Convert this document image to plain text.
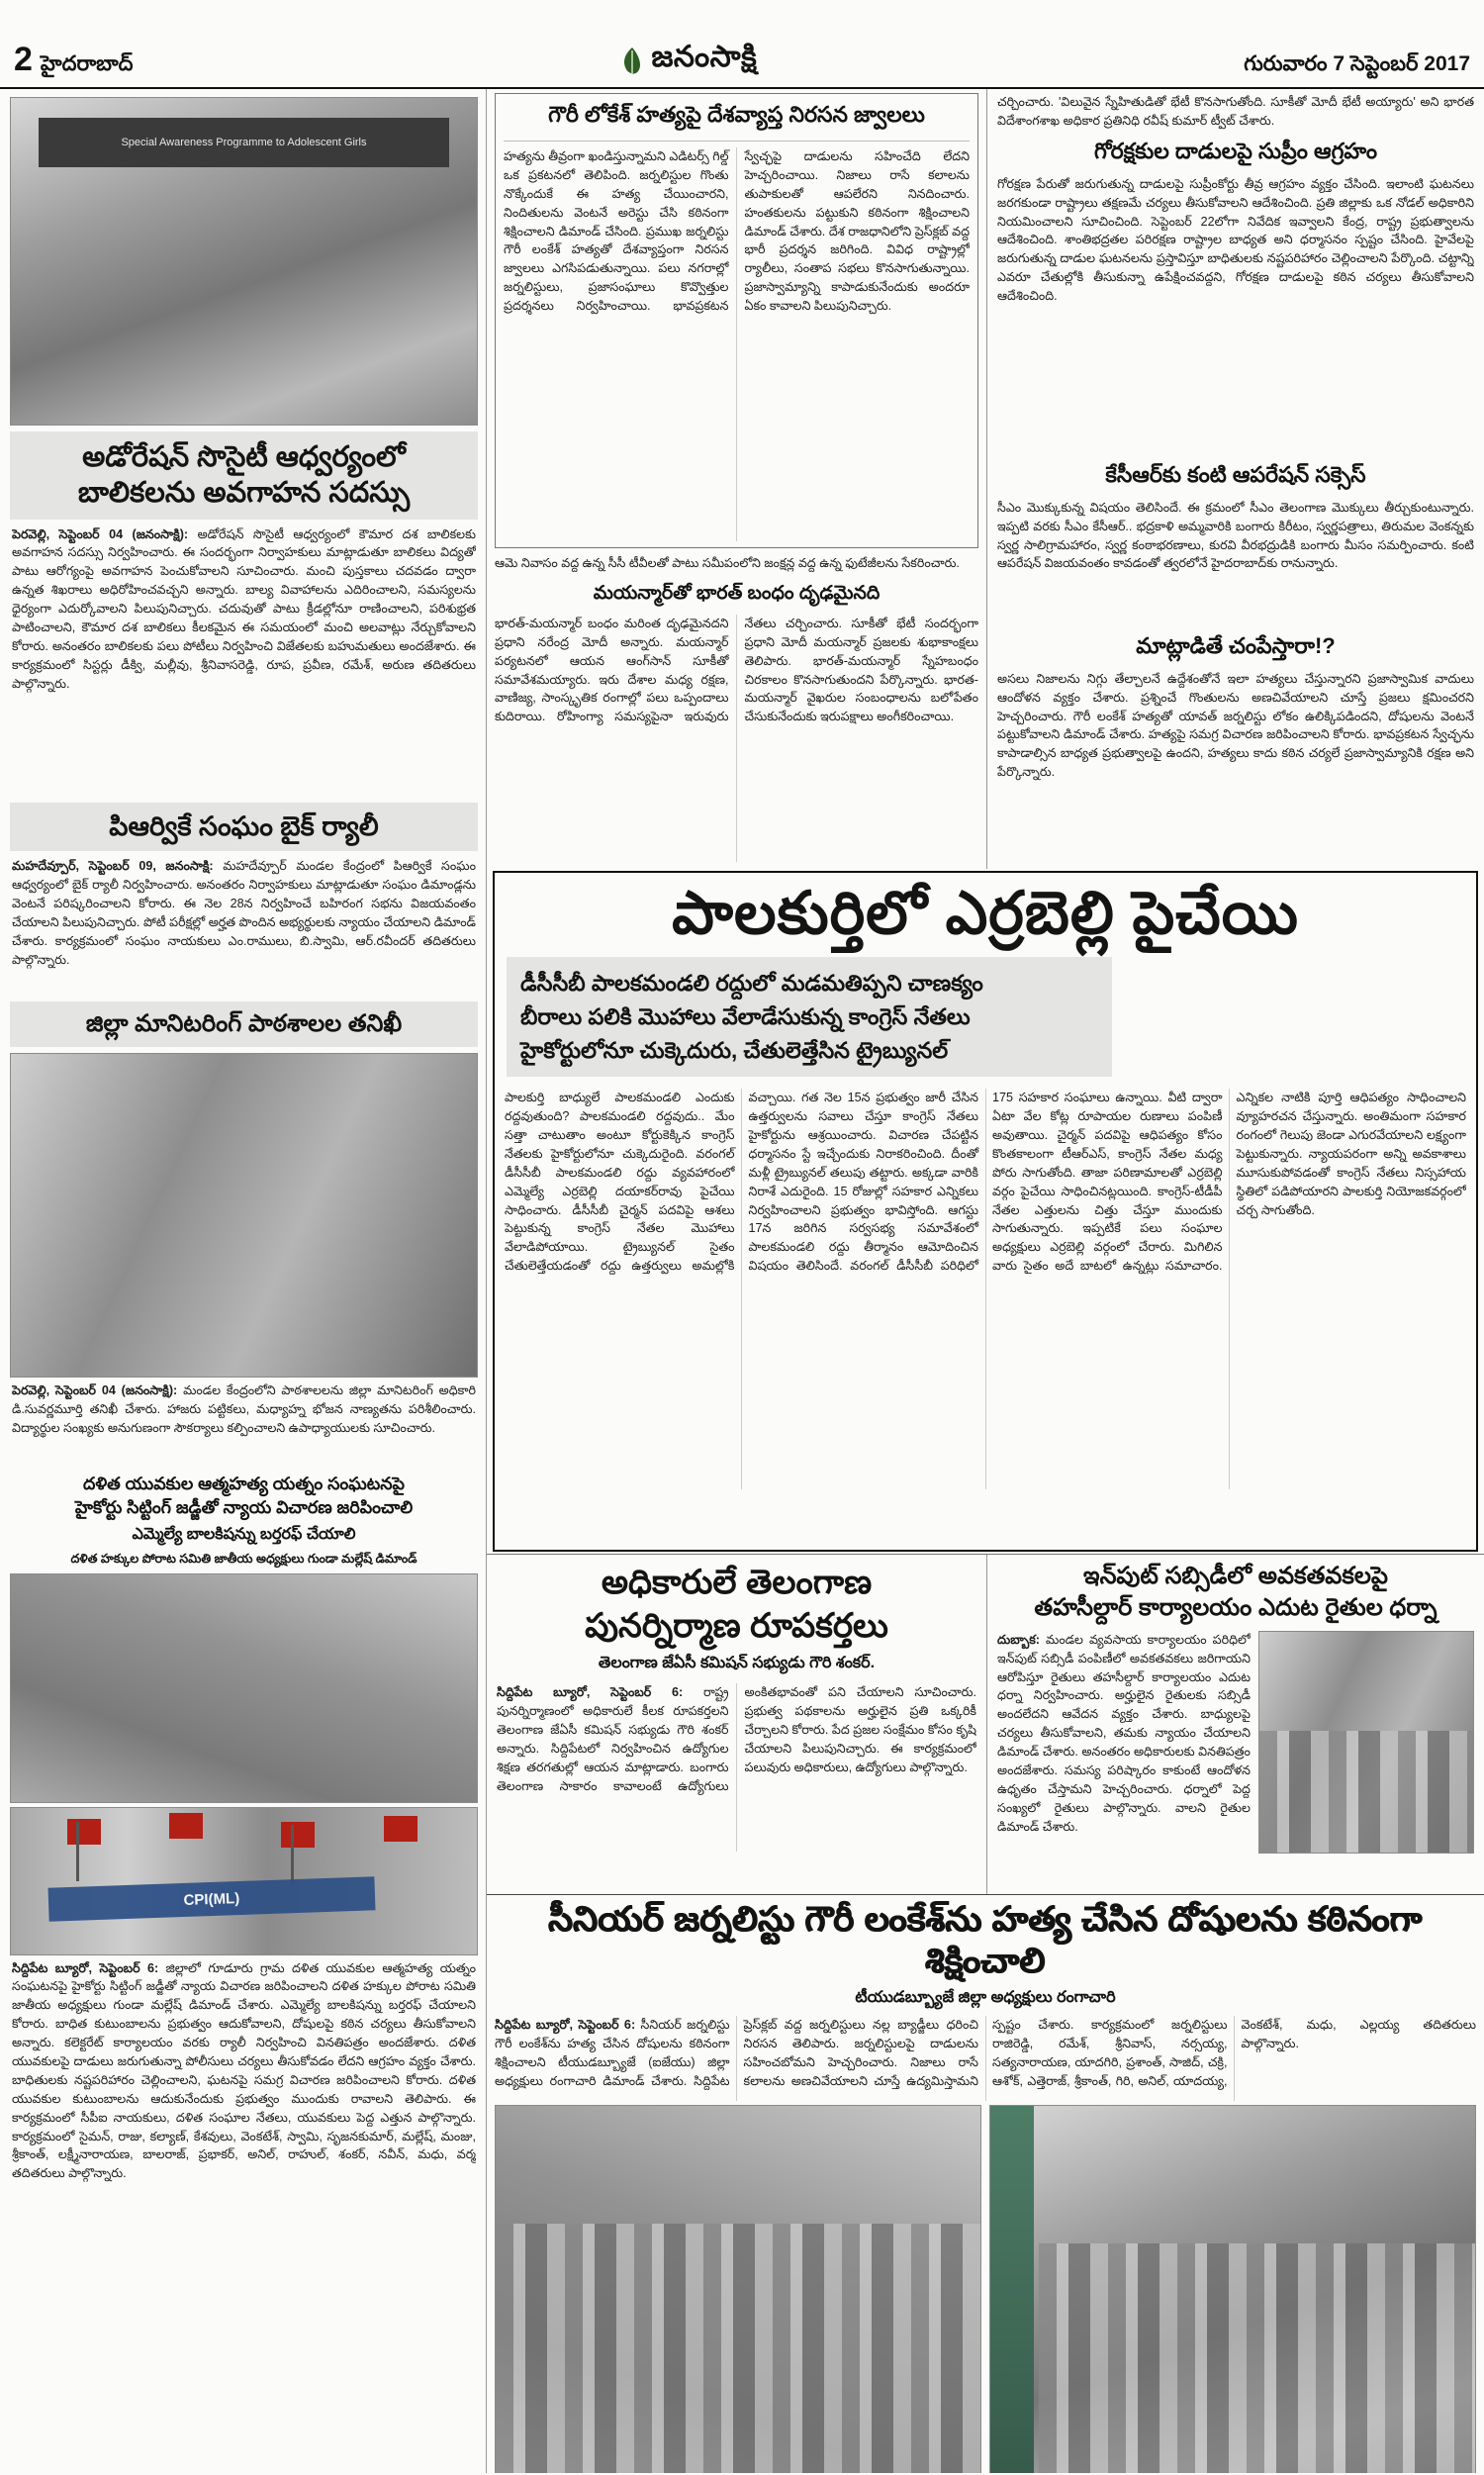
2 హైదరాబాద్	జనంసాక్షి	గురువారం 7 సెప్టెంబర్ 2017
Special Awareness Programme to Adolescent Girls
అడోరేషన్ సొసైటీ ఆధ్వర్యంలో
బాలికలను అవగాహన సదస్సు

పెరవెల్లి, సెప్టెంబర్ 04 (జనంసాక్షి): అడోరేషన్ సొసైటీ ఆధ్వర్యంలో కౌమార దశ బాలికలకు అవగాహన సదస్సు నిర్వహించారు. ఈ సందర్భంగా నిర్వాహకులు మాట్లాడుతూ బాలికలు విద్యతో పాటు ఆరోగ్యంపై అవగాహన పెంచుకోవాలని సూచించారు. మంచి పుస్తకాలు చదవడం ద్వారా ఉన్నత శిఖరాలు అధిరోహించవచ్చని అన్నారు. బాల్య వివాహాలను ఎదిరించాలని, సమస్యలను ధైర్యంగా ఎదుర్కోవాలని పిలుపునిచ్చారు. చదువుతో పాటు క్రీడల్లోనూ రాణించాలని, పరిశుభ్రత పాటించాలని, కౌమార దశ బాలికలు కీలకమైన ఈ సమయంలో మంచి అలవాట్లు నేర్చుకోవాలని కోరారు. అనంతరం బాలికలకు పలు పోటీలు నిర్వహించి విజేతలకు బహుమతులు అందజేశారు. ఈ కార్యక్రమంలో సిస్టర్లు డీక్వి, మల్లీవు, శ్రీనివాసరెడ్డి, రూప, ప్రవీణ, రమేశ్, అరుణ తదితరులు పాల్గొన్నారు.

పిఆర్వికే సంఘం బైక్ ర్యాలీ

మహదేవ్పూర్, సెప్టెంబర్ 09, జనంసాక్షి: మహదేవ్పూర్ మండల కేంద్రంలో పిఆర్వికే సంఘం ఆధ్వర్యంలో బైక్ ర్యాలీ నిర్వహించారు. అనంతరం నిర్వాహకులు మాట్లాడుతూ సంఘం డిమాండ్లను వెంటనే పరిష్కరించాలని కోరారు. ఈ నెల 28న నిర్వహించే బహిరంగ సభను విజయవంతం చేయాలని పిలుపునిచ్చారు. పోటీ పరీక్షల్లో అర్హత పొందిన అభ్యర్థులకు న్యాయం చేయాలని డిమాండ్ చేశారు. కార్యక్రమంలో సంఘం నాయకులు ఎం.రాములు, బి.స్వామి, ఆర్.రవీందర్ తదితరులు పాల్గొన్నారు.

జిల్లా మానిటరింగ్ పాఠశాలల తనిఖీ

పెరవెల్లి, సెప్టెంబర్ 04 (జనంసాక్షి): మండల కేంద్రంలోని పాఠశాలలను జిల్లా మానిటరింగ్ అధికారి డి.సువర్ణమూర్తి తనిఖీ చేశారు. హాజరు పట్టికలు, మధ్యాహ్న భోజన నాణ్యతను పరిశీలించారు. విద్యార్థుల సంఖ్యకు అనుగుణంగా సౌకర్యాలు కల్పించాలని ఉపాధ్యాయులకు సూచించారు.

దళిత యువకుల ఆత్మహత్య యత్నం సంఘటనపై
హైకోర్టు సిట్టింగ్ జడ్జీతో న్యాయ విచారణ జరిపించాలి
ఎమ్మెల్యే బాలకిషన్ను బర్తరఫ్ చేయాలి
దళిత హక్కుల పోరాట సమితి జాతీయ అధ్యక్షులు గుండా మల్లేష్ డిమాండ్
CPI(ML)

సిద్దిపేట బ్యూరో, సెప్టెంబర్ 6: జిల్లాలో గూడూరు గ్రామ దళిత యువకుల ఆత్మహత్య యత్నం సంఘటనపై హైకోర్టు సిట్టింగ్ జడ్జీతో న్యాయ విచారణ జరిపించాలని దళిత హక్కుల పోరాట సమితి జాతీయ అధ్యక్షులు గుండా మల్లేష్ డిమాండ్ చేశారు. ఎమ్మెల్యే బాలకిషన్ను బర్తరఫ్ చేయాలని కోరారు. బాధిత కుటుంబాలను ప్రభుత్వం ఆదుకోవాలని, దోషులపై కఠిన చర్యలు తీసుకోవాలని అన్నారు. కలెక్టరేట్ కార్యాలయం వరకు ర్యాలీ నిర్వహించి వినతిపత్రం అందజేశారు. దళిత యువకులపై దాడులు జరుగుతున్నా పోలీసులు చర్యలు తీసుకోవడం లేదని ఆగ్రహం వ్యక్తం చేశారు. బాధితులకు నష్టపరిహారం చెల్లించాలని, ఘటనపై సమగ్ర విచారణ జరిపించాలని కోరారు. దళిత యువకుల కుటుంబాలను ఆదుకునేందుకు ప్రభుత్వం ముందుకు రావాలని తెలిపారు. ఈ కార్యక్రమంలో సీపీఐ నాయకులు, దళిత సంఘాల నేతలు, యువకులు పెద్ద ఎత్తున పాల్గొన్నారు. కార్యక్రమంలో సైమన్, రాజు, కల్యాణ్, కేశవులు, వెంకటేశ్, స్వామి, సృజనకుమార్, మల్లేష్, మంజు, శ్రీకాంత్, లక్ష్మీనారాయణ, బాలరాజ్, ప్రభాకర్, అనిల్, రాహుల్, శంకర్, నవీన్, మధు, వర్మ తదితరులు పాల్గొన్నారు.

గౌరీ లోకేశ్ హత్యపై దేశవ్యాప్త నిరసన జ్వాలలు
హత్యను తీవ్రంగా ఖండిస్తున్నామని ఎడిటర్స్ గిల్డ్ ఒక ప్రకటనలో తెలిపింది. జర్నలిస్టుల గొంతు నొక్కేందుకే ఈ హత్య చేయించారని, నిందితులను వెంటనే అరెస్టు చేసి కఠినంగా శిక్షించాలని డిమాండ్ చేసింది. ప్రముఖ జర్నలిస్టు గౌరీ లంకేశ్ హత్యతో దేశవ్యాప్తంగా నిరసన జ్వాలలు ఎగసిపడుతున్నాయి. పలు నగరాల్లో జర్నలిస్టులు, ప్రజాసంఘాలు కొవ్వొత్తుల ప్రదర్శనలు నిర్వహించాయి. భావప్రకటన స్వేచ్ఛపై దాడులను సహించేది లేదని హెచ్చరించాయి. నిజాలు రాసే కలాలను తుపాకులతో ఆపలేరని నినదించారు. హంతకులను పట్టుకుని కఠినంగా శిక్షించాలని డిమాండ్ చేశారు. దేశ రాజధానిలోని ప్రెస్‌క్లబ్ వద్ద భారీ ప్రదర్శన జరిగింది. వివిధ రాష్ట్రాల్లో ర్యాలీలు, సంతాప సభలు కొనసాగుతున్నాయి. ప్రజాస్వామ్యాన్ని కాపాడుకునేందుకు అందరూ ఏకం కావాలని పిలుపునిచ్చారు.

ఆమె నివాసం వద్ద ఉన్న సీసీ టీవీలతో పాటు సమీపంలోని జంక్షన్ల వద్ద ఉన్న ఫుటేజీలను సేకరించారు.

మయన్మార్‌తో భారత్ బంధం దృఢమైనది
భారత్-మయన్మార్ బంధం మరింత దృఢమైనదని ప్రధాని నరేంద్ర మోదీ అన్నారు. మయన్మార్ పర్యటనలో ఆయన ఆంగ్‌సాన్ సూకీతో సమావేశమయ్యారు. ఇరు దేశాల మధ్య రక్షణ, వాణిజ్య, సాంస్కృతిక రంగాల్లో పలు ఒప్పందాలు కుదిరాయి. రోహింగ్యా సమస్యపైనా ఇరువురు నేతలు చర్చించారు. సూకీతో భేటీ సందర్భంగా ప్రధాని మోదీ మయన్మార్ ప్రజలకు శుభాకాంక్షలు తెలిపారు. భారత్-మయన్మార్ స్నేహబంధం చిరకాలం కొనసాగుతుందని పేర్కొన్నారు. భారత-మయన్మార్ వైఖరుల సంబంధాలను బలోపేతం చేసుకునేందుకు ఇరుపక్షాలు అంగీకరించాయి.

చర్చించారు. 'విలువైన స్నేహితుడితో భేటీ కొనసాగుతోంది. సూకీతో మోదీ భేటీ అయ్యారు' అని భారత విదేశాంగశాఖ అధికార ప్రతినిధి రవీష్ కుమార్ ట్వీట్ చేశారు.

గోరక్షకుల దాడులపై సుప్రీం ఆగ్రహం
గోరక్షణ పేరుతో జరుగుతున్న దాడులపై సుప్రీంకోర్టు తీవ్ర ఆగ్రహం వ్యక్తం చేసింది. ఇలాంటి ఘటనలు జరగకుండా రాష్ట్రాలు తక్షణమే చర్యలు తీసుకోవాలని ఆదేశించింది. ప్రతి జిల్లాకు ఒక నోడల్ అధికారిని నియమించాలని సూచించింది. సెప్టెంబర్ 22లోగా నివేదిక ఇవ్వాలని కేంద్ర, రాష్ట్ర ప్రభుత్వాలను ఆదేశించింది. శాంతిభద్రతల పరిరక్షణ రాష్ట్రాల బాధ్యత అని ధర్మాసనం స్పష్టం చేసింది. హైవేలపై జరుగుతున్న దాడుల ఘటనలను ప్రస్తావిస్తూ బాధితులకు నష్టపరిహారం చెల్లించాలని పేర్కొంది. చట్టాన్ని ఎవరూ చేతుల్లోకి తీసుకున్నా ఉపేక్షించవద్దని, గోరక్షణ దాడులపై కఠిన చర్యలు తీసుకోవాలని ఆదేశించింది.
కేసీఆర్‌కు కంటి ఆపరేషన్ సక్సెస్
సీఎం మొక్కుకున్న విషయం తెలిసిందే. ఈ క్రమంలో సీఎం తెలంగాణ మొక్కులు తీర్చుకుంటున్నారు. ఇప్పటి వరకు సీఎం కేసీఆర్.. భద్రకాళి అమ్మవారికి బంగారు కిరీటం, స్వర్ణపత్రాలు, తిరుమల వెంకన్నకు స్వర్ణ సాలిగ్రామహారం, స్వర్ణ కంఠాభరణాలు, కురవి వీరభద్రుడికి బంగారు మీసం సమర్పించారు. కంటి ఆపరేషన్ విజయవంతం కావడంతో త్వరలోనే హైదరాబాద్‌కు రానున్నారు.
మాట్లాడితే చంపేస్తారా!?
అసలు నిజాలను నిగ్గు తేల్చాలనే ఉద్దేశంతోనే ఇలా హత్యలు చేస్తున్నారని ప్రజాస్వామిక వాదులు ఆందోళన వ్యక్తం చేశారు. ప్రశ్నించే గొంతులను అణచివేయాలని చూస్తే ప్రజలు క్షమించరని హెచ్చరించారు. గౌరీ లంకేశ్ హత్యతో యావత్ జర్నలిస్టు లోకం ఉలిక్కిపడిందని, దోషులను వెంటనే పట్టుకోవాలని డిమాండ్ చేశారు. హత్యపై సమగ్ర విచారణ జరిపించాలని కోరారు. భావప్రకటన స్వేచ్ఛను కాపాడాల్సిన బాధ్యత ప్రభుత్వాలపై ఉందని, హత్యలు కాదు కఠిన చర్యలే ప్రజాస్వామ్యానికి రక్షణ అని పేర్కొన్నారు.
పాలకుర్తిలో ఎర్రబెల్లి పైచేయి
డీసీసీబీ పాలకమండలి రద్దులో మడమతిప్పని చాణక్యం
బీరాలు పలికి మొహాలు వేలాడేసుకున్న కాంగ్రెస్ నేతలు
హైకోర్టులోనూ చుక్కెదురు, చేతులెత్తేసిన ట్రైబ్యునల్
పాలకుర్తి బాధ్యులే పాలకమండలి ఎందుకు రద్దవుతుంది? పాలకమండలి రద్దవుదు.. మేం సత్తా చాటుతాం అంటూ కోర్టుకెక్కిన కాంగ్రెస్ నేతలకు హైకోర్టులోనూ చుక్కెదురైంది. వరంగల్ డీసీసీబీ పాలకమండలి రద్దు వ్యవహారంలో ఎమ్మెల్యే ఎర్రబెల్లి దయాకర్‌రావు పైచేయి సాధించారు. డీసీసీబీ చైర్మన్ పదవిపై ఆశలు పెట్టుకున్న కాంగ్రెస్ నేతల మొహాలు వేలాడిపోయాయి. ట్రైబ్యునల్ సైతం చేతులెత్తేయడంతో రద్దు ఉత్తర్వులు అమల్లోకి వచ్చాయి. గత నెల 15న ప్రభుత్వం జారీ చేసిన ఉత్తర్వులను సవాలు చేస్తూ కాంగ్రెస్ నేతలు హైకోర్టును ఆశ్రయించారు. విచారణ చేపట్టిన ధర్మాసనం స్టే ఇచ్చేందుకు నిరాకరించింది. దీంతో మళ్లీ ట్రైబ్యునల్ తలుపు తట్టారు. అక్కడా వారికి నిరాశే ఎదురైంది. 15 రోజుల్లో సహకార ఎన్నికలు నిర్వహించాలని ప్రభుత్వం భావిస్తోంది. ఆగస్టు 17న జరిగిన సర్వసభ్య సమావేశంలో పాలకమండలి రద్దు తీర్మానం ఆమోదించిన విషయం తెలిసిందే. వరంగల్ డీసీసీబీ పరిధిలో 175 సహకార సంఘాలు ఉన్నాయి. వీటి ద్వారా ఏటా వేల కోట్ల రూపాయల రుణాలు పంపిణీ అవుతాయి. చైర్మన్ పదవిపై ఆధిపత్యం కోసం కొంతకాలంగా టీఆర్ఎస్, కాంగ్రెస్ నేతల మధ్య పోరు సాగుతోంది. తాజా పరిణామాలతో ఎర్రబెల్లి వర్గం పైచేయి సాధించినట్లయింది. కాంగ్రెస్-టీడీపీ నేతల ఎత్తులను చిత్తు చేస్తూ ముందుకు సాగుతున్నారు. ఇప్పటికే పలు సంఘాల అధ్యక్షులు ఎర్రబెల్లి వర్గంలో చేరారు. మిగిలిన వారు సైతం అదే బాటలో ఉన్నట్లు సమాచారం. ఎన్నికల నాటికి పూర్తి ఆధిపత్యం సాధించాలని వ్యూహరచన చేస్తున్నారు. అంతిమంగా సహకార రంగంలో గెలుపు జెండా ఎగురవేయాలని లక్ష్యంగా పెట్టుకున్నారు. న్యాయపరంగా అన్ని అవకాశాలు మూసుకుపోవడంతో కాంగ్రెస్ నేతలు నిస్సహాయ స్థితిలో పడిపోయారని పాలకుర్తి నియోజకవర్గంలో చర్చ సాగుతోంది.
అధికారులే తెలంగాణ
పునర్నిర్మాణ రూపకర్తలు
తెలంగాణ జేఏసీ కమిషన్ సభ్యుడు గౌరి శంకర్.

సిద్దిపేట బ్యూరో, సెప్టెంబర్ 6: రాష్ట్ర పునర్నిర్మాణంలో అధికారులే కీలక రూపకర్తలని తెలంగాణ జేఏసీ కమిషన్ సభ్యుడు గౌరి శంకర్ అన్నారు. సిద్దిపేటలో నిర్వహించిన ఉద్యోగుల శిక్షణ తరగతుల్లో ఆయన మాట్లాడారు. బంగారు తెలంగాణ సాకారం కావాలంటే ఉద్యోగులు అంకితభావంతో పని చేయాలని సూచించారు. ప్రభుత్వ పథకాలను అర్హులైన ప్రతి ఒక్కరికీ చేర్చాలని కోరారు. పేద ప్రజల సంక్షేమం కోసం కృషి చేయాలని పిలుపునిచ్చారు. ఈ కార్యక్రమంలో పలువురు అధికారులు, ఉద్యోగులు పాల్గొన్నారు.

ఇన్‌పుట్ సబ్సిడీలో అవకతవకలపై
తహసీల్దార్ కార్యాలయం ఎదుట రైతుల ధర్నా

దుబ్బాక: మండల వ్యవసాయ కార్యాలయం పరిధిలో ఇన్‌పుట్ సబ్సిడీ పంపిణీలో అవకతవకలు జరిగాయని ఆరోపిస్తూ రైతులు తహసీల్దార్ కార్యాలయం ఎదుట ధర్నా నిర్వహించారు. అర్హులైన రైతులకు సబ్సిడీ అందలేదని ఆవేదన వ్యక్తం చేశారు. బాధ్యులపై చర్యలు తీసుకోవాలని, తమకు న్యాయం చేయాలని డిమాండ్ చేశారు. అనంతరం అధికారులకు వినతిపత్రం అందజేశారు. సమస్య పరిష్కారం కాకుంటే ఆందోళన ఉధృతం చేస్తామని హెచ్చరించారు. ధర్నాలో పెద్ద సంఖ్యలో రైతులు పాల్గొన్నారు. వాలని రైతుల డిమాండ్ చేశారు.

సీనియర్ జర్నలిస్టు గౌరీ లంకేశ్‌ను హత్య చేసిన దోషులను కఠినంగా శిక్షించాలి
టీయుడబ్బ్యూజే జిల్లా అధ్యక్షులు రంగాచారి

సిద్దిపేట బ్యూరో, సెప్టెంబర్ 6: సీనియర్ జర్నలిస్టు గౌరీ లంకేశ్‌ను హత్య చేసిన దోషులను కఠినంగా శిక్షించాలని టీయుడబ్బ్యూజే (ఐజేయు) జిల్లా అధ్యక్షులు రంగాచారి డిమాండ్ చేశారు. సిద్దిపేట ప్రెస్‌క్లబ్ వద్ద జర్నలిస్టులు నల్ల బ్యాడ్జీలు ధరించి నిరసన తెలిపారు. జర్నలిస్టులపై దాడులను సహించబోమని హెచ్చరించారు. నిజాలు రాసే కలాలను అణచివేయాలని చూస్తే ఉద్యమిస్తామని స్పష్టం చేశారు. కార్యక్రమంలో జర్నలిస్టులు రాజిరెడ్డి, రమేశ్, శ్రీనివాస్, నర్సయ్య, సత్యనారాయణ, యాదగిరి, ప్రశాంత్, సాజిద్, చక్రి, ఆశోక్, ఎత్తెరాజ్, శ్రీకాంత్, గిరి, అనిల్, యాదయ్య, వెంకటేశ్, మధు, ఎల్లయ్య తదితరులు పాల్గొన్నారు.
